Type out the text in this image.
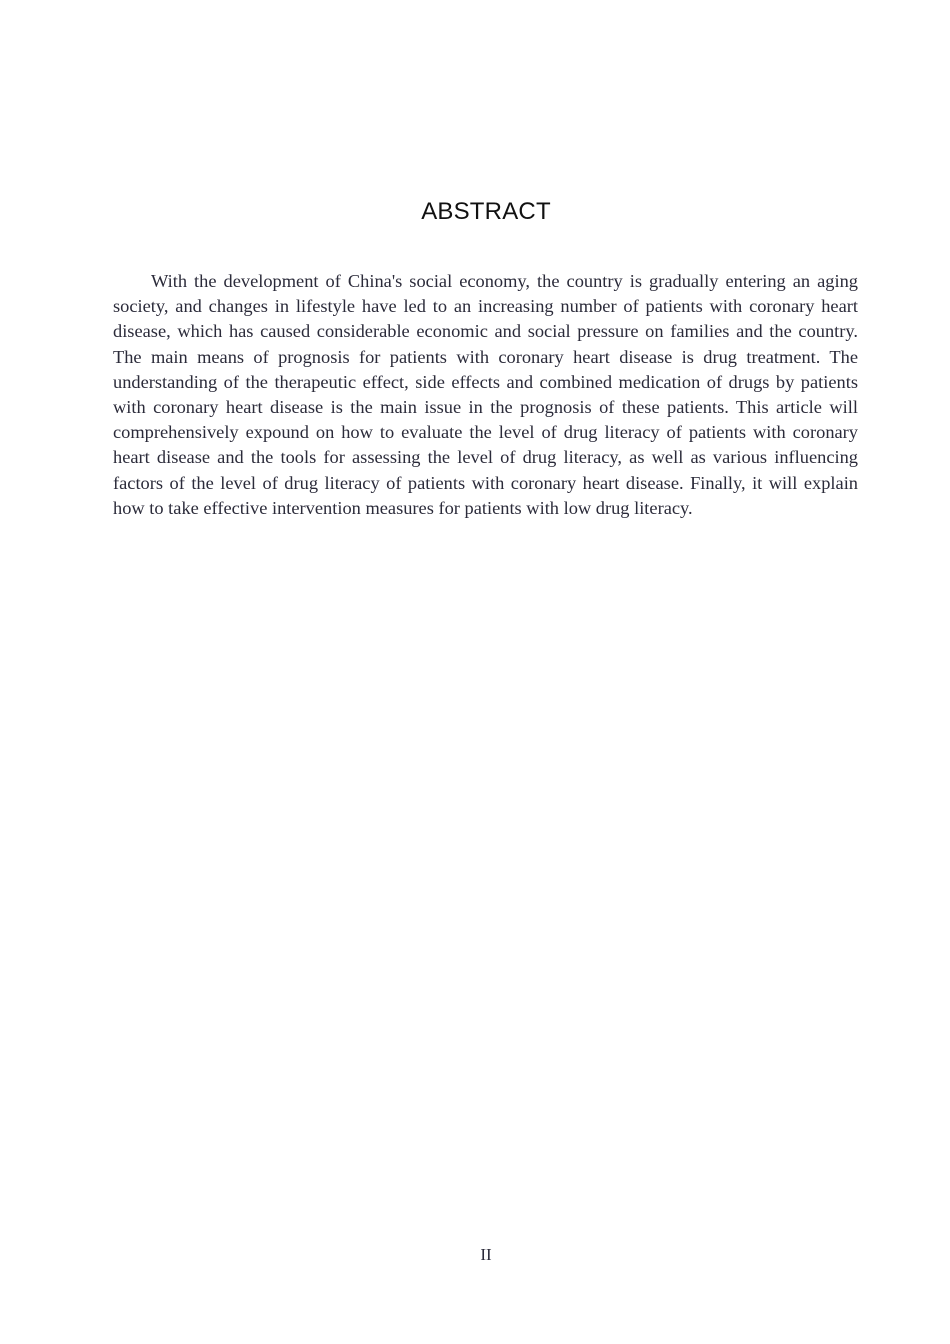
ABSTRACT

With the development of China's social economy, the country is gradually entering an aging society, and changes in lifestyle have led to an increasing number of patients with coronary heart disease, which has caused considerable economic and social pressure on families and the country. The main means of prognosis for patients with coronary heart disease is drug treatment. The understanding of the therapeutic effect, side effects and combined medication of drugs by patients with coronary heart disease is the main issue in the prognosis of these patients. This article will comprehensively expound on how to evaluate the level of drug literacy of patients with coronary heart disease and the tools for assessing the level of drug literacy, as well as various influencing factors of the level of drug literacy of patients with coronary heart disease. Finally, it will explain how to take effective intervention measures for patients with low drug literacy.

II
